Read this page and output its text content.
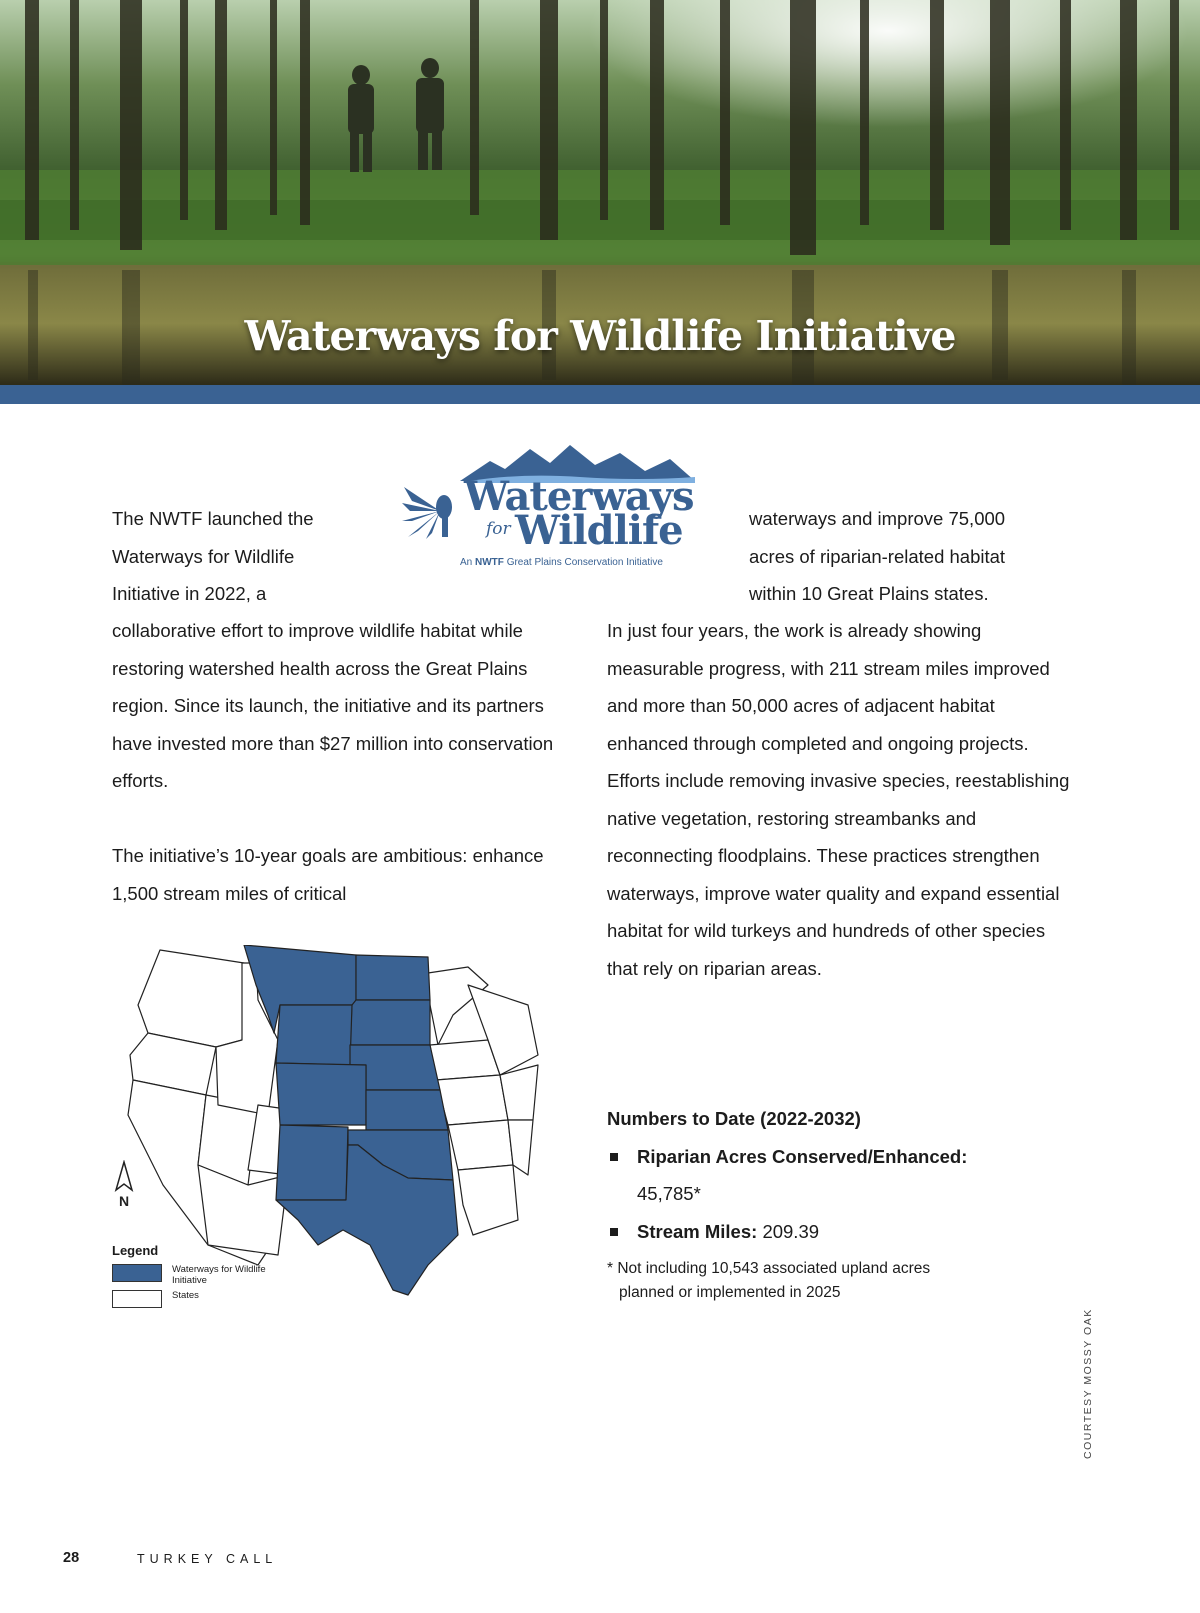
Waterways for Wildlife Initiative
Waterways
for Wildlife
An NWTF Great Plains Conservation Initiative

The NWTF launched the

Waterways for Wildlife

Initiative in 2022, a

collaborative effort to improve wildlife habitat while restoring watershed health across the Great Plains region. Since its launch, the initiative and its partners have invested more than $27 million into conservation efforts.

The initiative’s 10-year goals are ambitious: enhance 1,500 stream miles of critical

waterways and improve 75,000

acres of riparian-related habitat

within 10 Great Plains states.

In just four years, the work is already showing measurable progress, with 211 stream miles improved and more than 50,000 acres of adjacent habitat enhanced through completed and ongoing projects. Efforts include removing invasive species, reestablishing native vegetation, restoring streambanks and reconnecting floodplains. These practices strengthen waterways, improve water quality and expand essential habitat for wild turkeys and hundreds of other species that rely on riparian areas.

N
Legend
Waterways for Wildlife Initiative
States

Numbers to Date (2022-2032)

Riparian Acres Conserved/Enhanced:
45,785*
Stream Miles: 209.39

* Not including 10,543 associated upland acres

planned or implemented in 2025

COURTESY MOSSY OAK
28	TURKEY CALL
